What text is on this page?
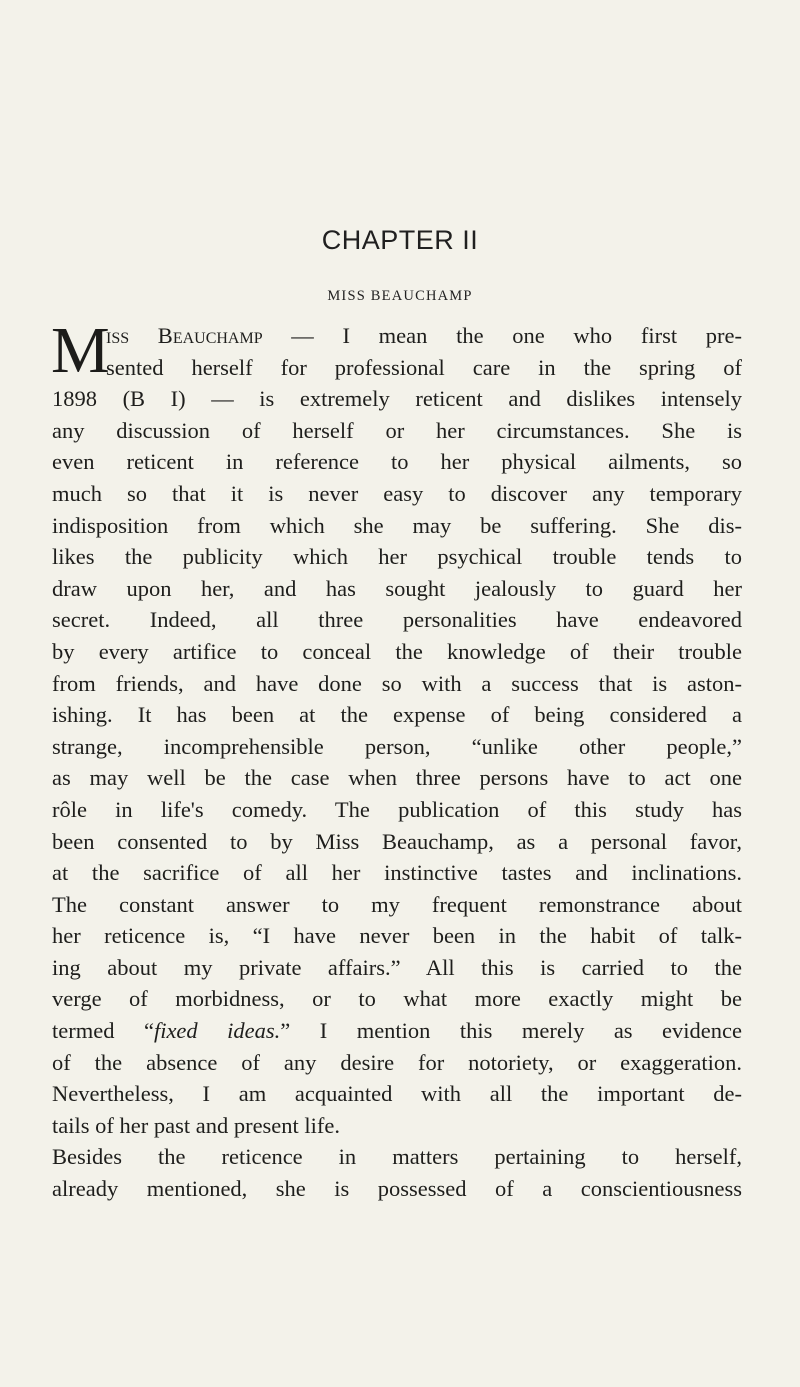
CHAPTER II
MISS BEAUCHAMP
M
iss Beauchamp — I mean the one who first pre-
sented herself for professional care in the spring of
1898 (B I) — is extremely reticent and dislikes intensely
any discussion of herself or her circumstances. She is
even reticent in reference to her physical ailments, so
much so that it is never easy to discover any temporary
indisposition from which she may be suffering. She dis-
likes the publicity which her psychical trouble tends to
draw upon her, and has sought jealously to guard her
secret. Indeed, all three personalities have endeavored
by every artifice to conceal the knowledge of their trouble
from friends, and have done so with a success that is aston-
ishing. It has been at the expense of being considered a
strange, incomprehensible person, “unlike other people,”
as may well be the case when three persons have to act one
rôle in life's comedy. The publication of this study has
been consented to by Miss Beauchamp, as a personal favor,
at the sacrifice of all her instinctive tastes and inclinations.
The constant answer to my frequent remonstrance about
her reticence is, “I have never been in the habit of talk-
ing about my private affairs.” All this is carried to the
verge of morbidness, or to what more exactly might be
termed “fixed ideas.” I mention this merely as evidence
of the absence of any desire for notoriety, or exaggeration.
Nevertheless, I am acquainted with all the important de-
tails of her past and present life.
Besides the reticence in matters pertaining to herself,
already mentioned, she is possessed of a conscientiousness
